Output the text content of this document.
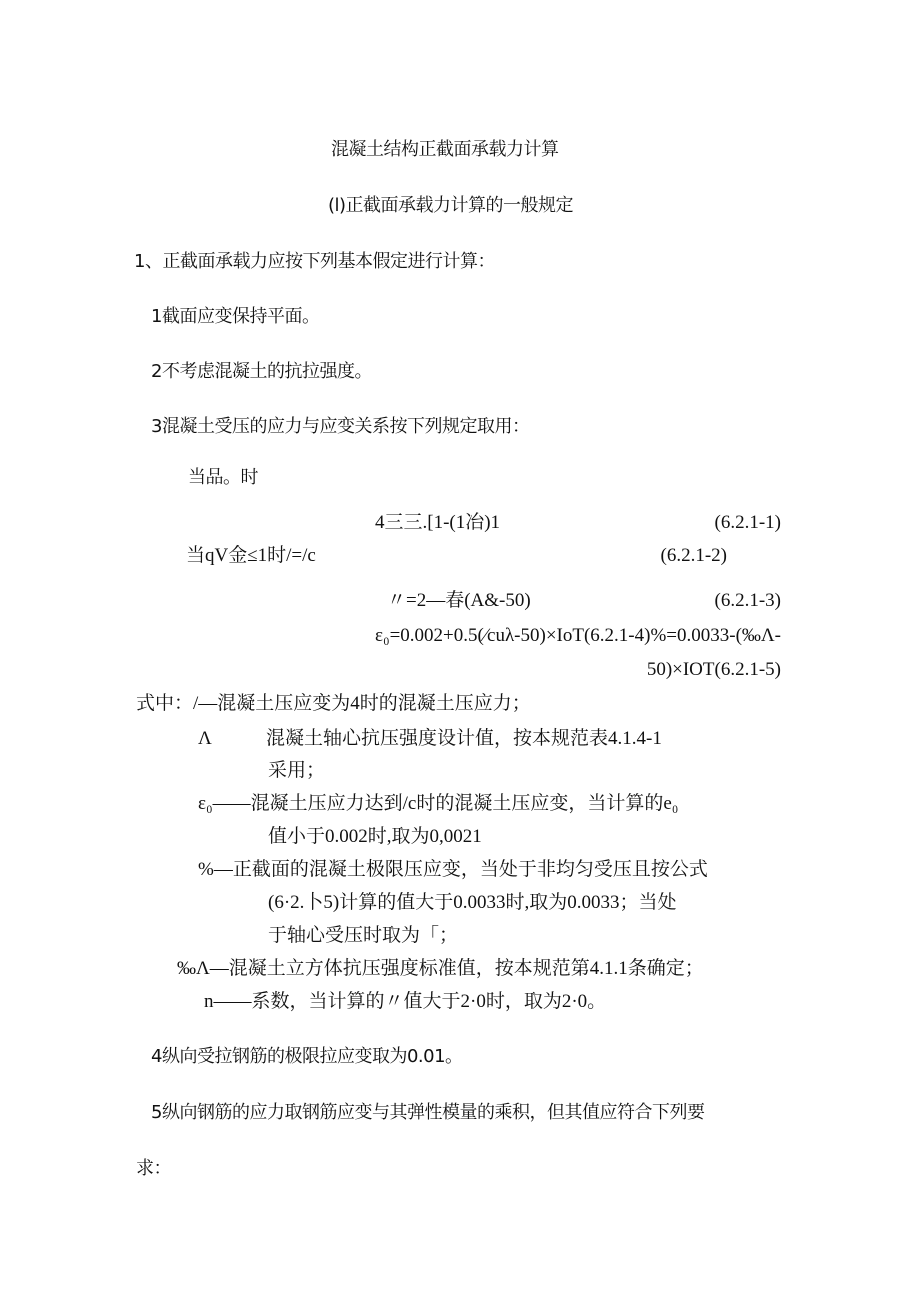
混凝土结构正截面承载力计算
(l)正截面承载力计算的一般规定
1、正截面承载力应按下列基本假定进行计算：
1截面应变保持平面。
2不考虑混凝土的抗拉强度。
3混凝土受压的应力与应变关系按下列规定取用：
当品。时
4三三.[1-(1冶)1	(6.2.1-1)
当qV金≤1时/=/c	(6.2.1-2)
〃=2—春(A&-50)	(6.2.1-3)
ε₀=0.002+0.5(∕cuλ-50)×IoT(6.2.1-4)%=0.0033-(‰Λ-
50)×IOT(6.2.1-5)
式中：/—混凝土压应变为4时的混凝土压应力；
Λ	混凝土轴心抗压强度设计值，按本规范表4.1.4-1
采用；
ε₀——混凝土压应力达到/c时的混凝土压应变，当计算的e₀
值小于0.002时,取为0,0021
%—正截面的混凝土极限压应变，当处于非均匀受压且按公式
(6·2.卜5)计算的值大于0.0033时,取为0.0033；当处
于轴心受压时取为「；
‰Λ—混凝土立方体抗压强度标准值，按本规范第4.1.1条确定；
n——系数，当计算的〃值大于2·0时，取为2·0。
4纵向受拉钢筋的极限拉应变取为0.01。
5纵向钢筋的应力取钢筋应变与其弹性模量的乘积，但其值应符合下列要
求：
